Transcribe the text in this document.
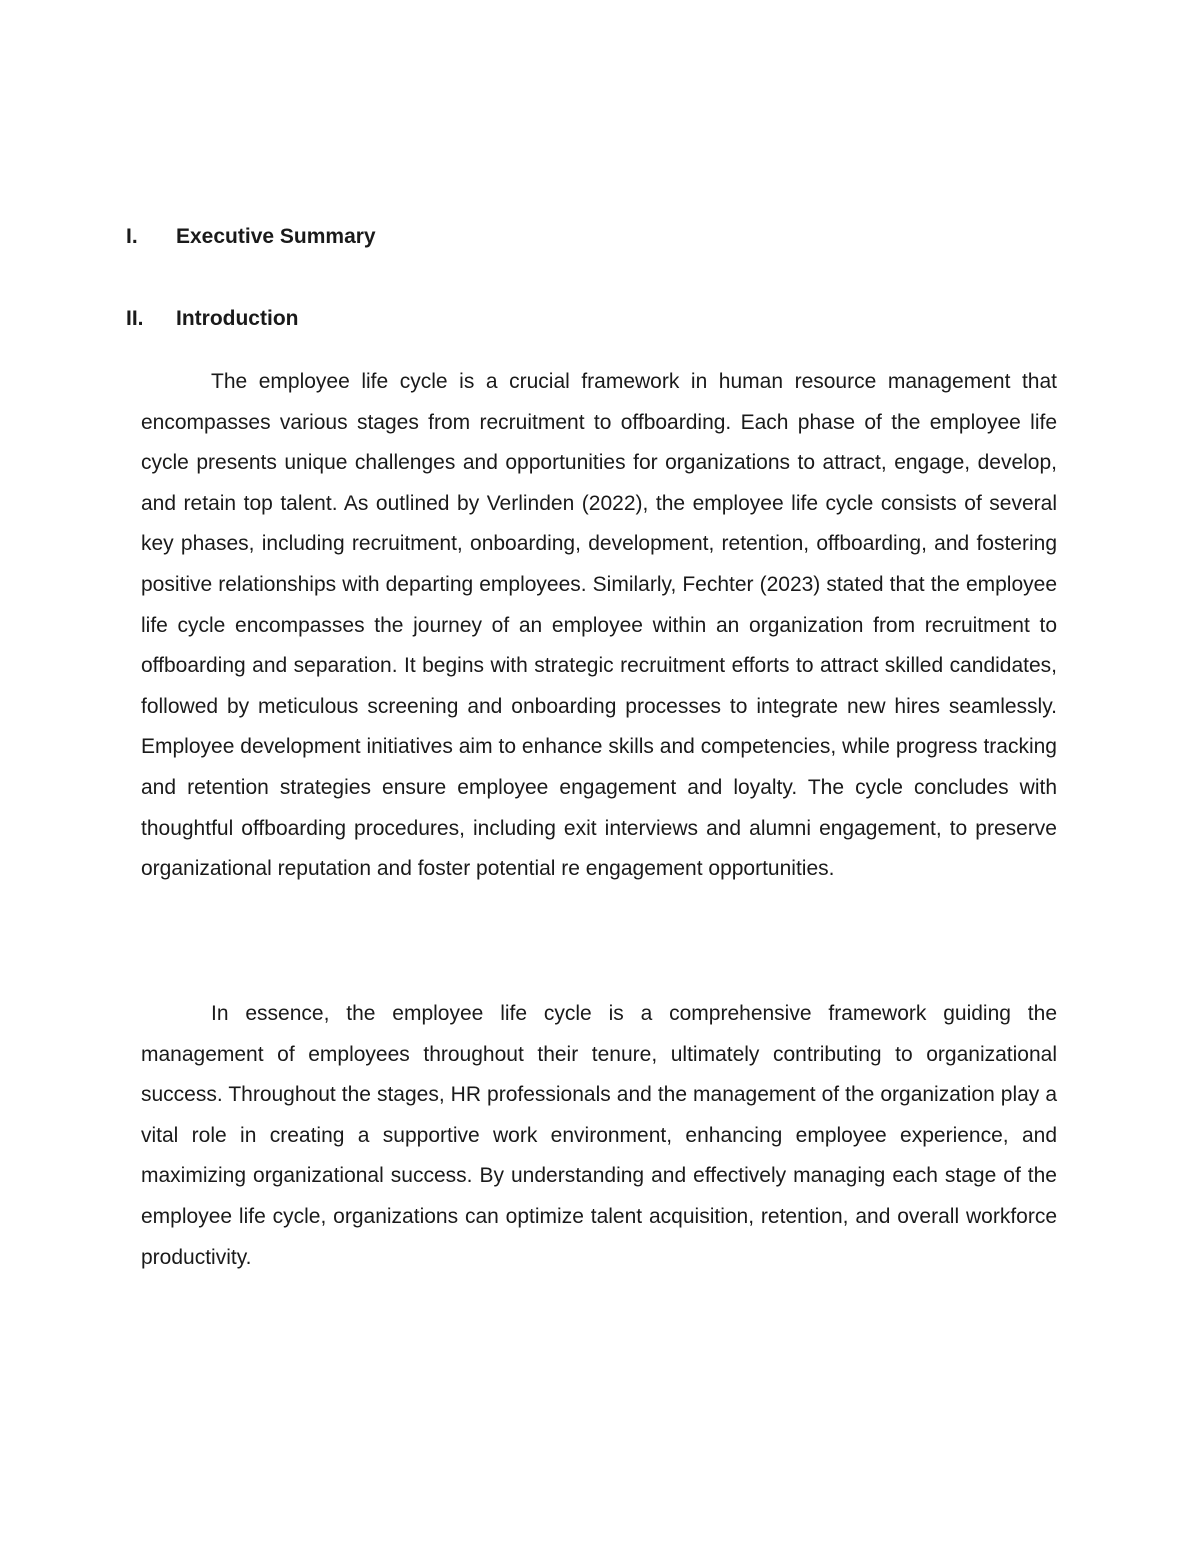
I. Executive Summary
II. Introduction

The employee life cycle is a crucial framework in human resource management that encompasses various stages from recruitment to offboarding. Each phase of the employee life cycle presents unique challenges and opportunities for organizations to attract, engage, develop, and retain top talent. As outlined by Verlinden (2022), the employee life cycle consists of several key phases, including recruitment, onboarding, development, retention, offboarding, and fostering positive relationships with departing employees. Similarly, Fechter (2023) stated that the employee life cycle encompasses the journey of an employee within an organization from recruitment to offboarding and separation. It begins with strategic recruitment efforts to attract skilled candidates, followed by meticulous screening and onboarding processes to integrate new hires seamlessly. Employee development initiatives aim to enhance skills and competencies, while progress tracking and retention strategies ensure employee engagement and loyalty. The cycle concludes with thoughtful offboarding procedures, including exit interviews and alumni engagement, to preserve organizational reputation and foster potential re engagement opportunities.

In essence, the employee life cycle is a comprehensive framework guiding the management of employees throughout their tenure, ultimately contributing to organizational success. Throughout the stages, HR professionals and the management of the organization play a vital role in creating a supportive work environment, enhancing employee experience, and maximizing organizational success. By understanding and effectively managing each stage of the employee life cycle, organizations can optimize talent acquisition, retention, and overall workforce productivity.
